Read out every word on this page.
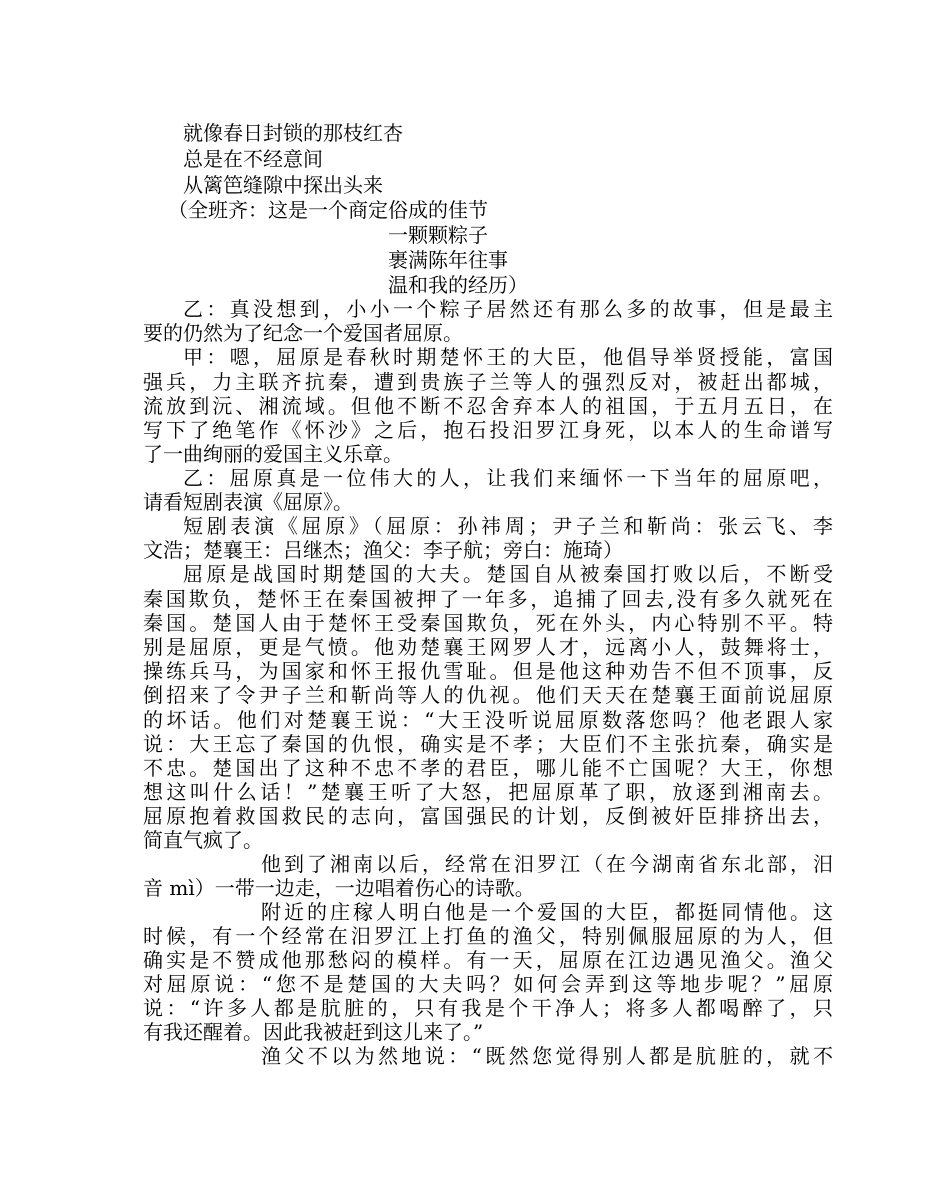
就像春日封锁的那枝红杏
总是在不经意间
从篱笆缝隙中探出头来
（全班齐：这是一个商定俗成的佳节
一颗颗粽子
裹满陈年往事
温和我的经历）
乙：真没想到，小小一个粽子居然还有那么多的故事，但是最主
要的仍然为了纪念一个爱国者屈原。
甲：嗯，屈原是春秋时期楚怀王的大臣，他倡导举贤授能，富国
强兵，力主联齐抗秦，遭到贵族子兰等人的强烈反对，被赶出都城，
流放到沅、湘流域。但他不断不忍舍弃本人的祖国，于五月五日，在
写下了绝笔作《怀沙》之后，抱石投汨罗江身死，以本人的生命谱写
了一曲绚丽的爱国主义乐章。
乙：屈原真是一位伟大的人，让我们来缅怀一下当年的屈原吧，
请看短剧表演《屈原》。
短剧表演《屈原》（屈原：孙祎周；尹子兰和靳尚：张云飞、李
文浩；楚襄王：吕继杰；渔父：李子航；旁白：施琦）
屈原是战国时期楚国的大夫。楚国自从被秦国打败以后，不断受
秦国欺负，楚怀王在秦国被押了一年多，追捕了回去,没有多久就死在
秦国。楚国人由于楚怀王受秦国欺负，死在外头，内心特别不平。特
别是屈原，更是气愤。他劝楚襄王网罗人才，远离小人，鼓舞将士，
操练兵马，为国家和怀王报仇雪耻。但是他这种劝告不但不顶事，反
倒招来了令尹子兰和靳尚等人的仇视。他们天天在楚襄王面前说屈原
的坏话。他们对楚襄王说：“大王没听说屈原数落您吗？他老跟人家
说：大王忘了秦国的仇恨，确实是不孝；大臣们不主张抗秦，确实是
不忠。楚国出了这种不忠不孝的君臣，哪儿能不亡国呢？大王，你想
想这叫什么话！”楚襄王听了大怒，把屈原革了职，放逐到湘南去。
屈原抱着救国救民的志向，富国强民的计划，反倒被奸臣排挤出去，
简直气疯了。
他到了湘南以后，经常在汨罗江（在今湖南省东北部，汨
音 mì）一带一边走，一边唱着伤心的诗歌。
附近的庄稼人明白他是一个爱国的大臣，都挺同情他。这
时候，有一个经常在汨罗江上打鱼的渔父，特别佩服屈原的为人，但
确实是不赞成他那愁闷的模样。有一天，屈原在江边遇见渔父。渔父
对屈原说：“您不是楚国的大夫吗？如何会弄到这等地步呢？”屈原
说：“许多人都是肮脏的，只有我是个干净人；将多人都喝醉了，只
有我还醒着。因此我被赶到这儿来了。”
渔父不以为然地说：“既然您觉得别人都是肮脏的，就不
